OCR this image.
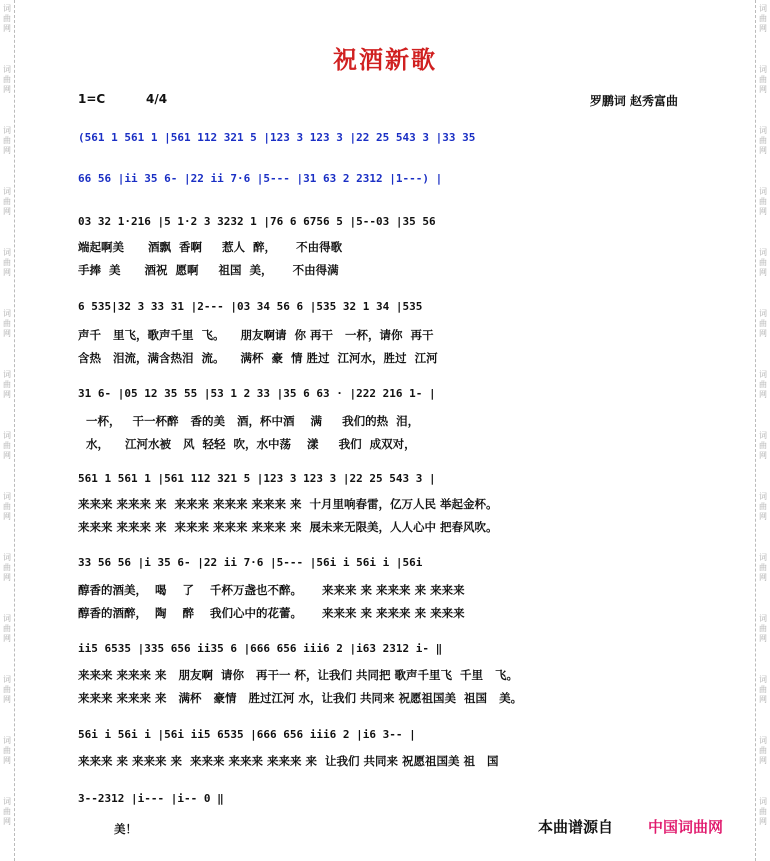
祝酒新歌
1=C	4/4	罗鹏词 赵秀富曲
(561 1 561 1 |561 112 321 5 |123 3 123 3 |22 25 543 3 |33 35
66 56 |ii 35 6- |22 ii 7·6 |5--- |31 63 2 2312 |1---) |
03 32 1·216 |5 1·2 3 3232 1 |76 6 6756 5 |5--03 |35 56
端起啊美      酒飘  香啊     惹人  醉，     不由得歌
手捧  美      酒祝  愿啊     祖国  美，     不由得满
6 535|32 3 33 31 |2--- |03 34 56 6 |535 32 1 34 |535
声千   里飞，歌声千里  飞。    朋友啊请  你 再干   一杯，请你  再干
含热   泪流，满含热泪  流。    满杯  豪  情 胜过  江河水，胜过  江河
31 6- |05 12 35 55 |53 1 2 33 |35 6 63 · |222 216 1- |
一杯，   干一杯醉   香的美   酒，杯中酒    满     我们的热  泪，
水，    江河水被   风  轻轻  吹，水中荡    漾     我们  成双对，
561 1 561 1 |561 112 321 5 |123 3 123 3 |22 25 543 3 |
来来来 来来来 来  来来来 来来来 来来来 来  十月里响春雷，亿万人民 举起金杯。
来来来 来来来 来  来来来 来来来 来来来 来  展未来无限美，人人心中 把春风吹。
33 56 56 |i 35 6- |22 ii 7·6 |5--- |56i i 56i i |56i
醇香的酒美，  喝    了    千杯万盏也不醉。     来来来 来 来来来 来 来来来
醇香的酒醉，  陶    醉    我们心中的花蕾。     来来来 来 来来来 来 来来来
ii5 6535 |335 656 ii35 6 |666 656 iii6 2 |i63 2312 i- ‖
来来来 来来来 来   朋友啊  请你   再干一 杯，让我们 共同把 歌声千里飞  千里   飞。
来来来 来来来 来   满杯   豪情   胜过江河 水，让我们 共同来 祝愿祖国美  祖国   美。
56i i 56i i |56i ii5 6535 |666 656 iii6 2 |i6 3-- |
来来来 来 来来来 来  来来来 来来来 来来来 来  让我们 共同来 祝愿祖国美 祖   国
3--2312 |i--- |i-- 0 ‖
美！	本曲谱源自 中国词曲网
词
曲
网
词
曲
网
词
曲
网
词
曲
网
词
曲
网
词
曲
网
词
曲
网
词
曲
网
词
曲
网
词
曲
网
词
曲
网
词
曲
网
词
曲
网
词
曲
网
词
曲
网
词
曲
网
词
曲
网
词
曲
网
词
曲
网
词
曲
网
词
曲
网
词
曲
网
词
曲
网
词
曲
网
词
曲
网
词
曲
网
词
曲
网
词
曲
网
